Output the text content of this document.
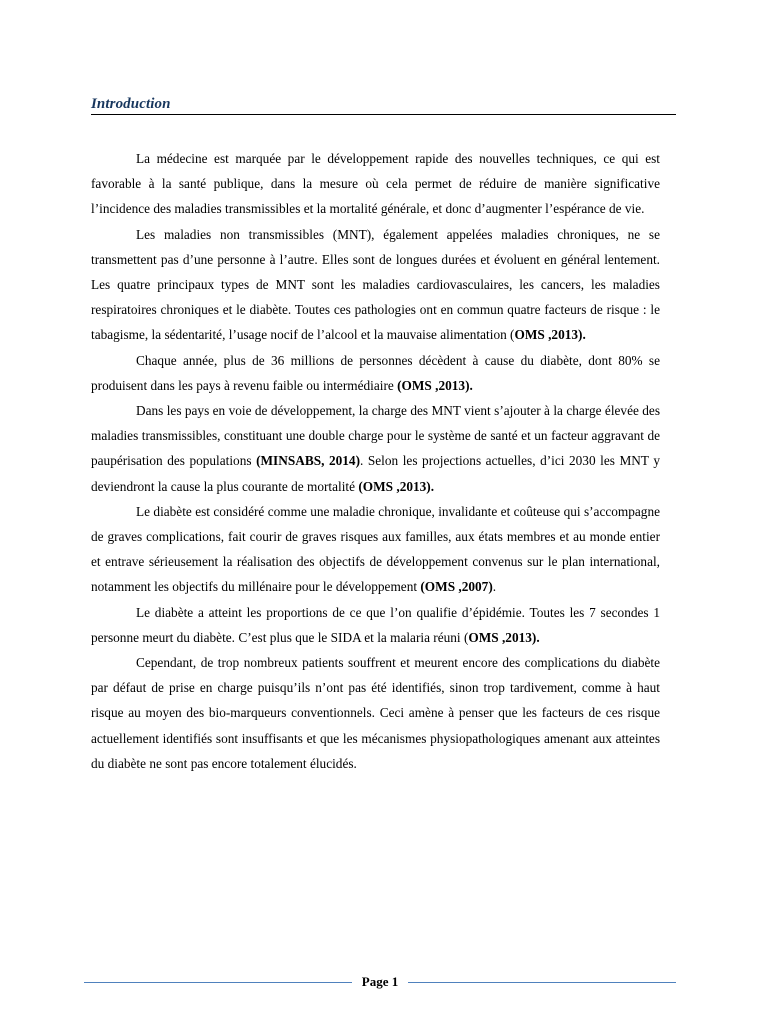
Introduction

La médecine est marquée par le développement rapide des nouvelles techniques, ce qui est favorable à la santé publique, dans la mesure où cela permet de réduire de manière significative l’incidence des maladies transmissibles et la mortalité générale, et donc d’augmenter l’espérance de vie.

Les maladies non transmissibles (MNT), également appelées maladies chroniques, ne se transmettent pas d’une personne à l’autre. Elles sont de longues durées et évoluent en général lentement. Les quatre principaux types de MNT sont les maladies cardiovasculaires, les cancers, les maladies respiratoires chroniques et le diabète. Toutes ces pathologies ont en commun quatre facteurs de risque : le tabagisme, la sédentarité, l’usage nocif de l’alcool et la mauvaise alimentation (OMS ,2013).

Chaque année, plus de 36 millions de personnes décèdent à cause du diabète, dont 80% se produisent dans les pays à revenu faible ou intermédiaire (OMS ,2013).

Dans les pays en voie de développement, la charge des MNT vient s’ajouter à la charge élevée des maladies transmissibles, constituant une double charge pour le système de santé et un facteur aggravant de paupérisation des populations (MINSABS, 2014). Selon les projections actuelles, d’ici 2030 les MNT y deviendront la cause la plus courante de mortalité (OMS ,2013).

Le diabète est considéré comme une maladie chronique, invalidante et coûteuse qui s’accompagne de graves complications, fait courir de graves risques aux familles, aux états membres et au monde entier et entrave sérieusement la réalisation des objectifs de développement convenus sur le plan international, notamment les objectifs du millénaire pour le développement (OMS ,2007).

Le diabète a atteint les proportions de ce que l’on qualifie d’épidémie. Toutes les 7 secondes 1 personne meurt du diabète. C’est plus que le SIDA et la malaria réuni (OMS ,2013).

Cependant, de trop nombreux patients souffrent et meurent encore des complications du diabète par défaut de prise en charge puisqu’ils n’ont pas été identifiés, sinon trop tardivement, comme à haut risque au moyen des bio-marqueurs conventionnels. Ceci amène à penser que les facteurs de ces risque actuellement identifiés sont insuffisants et que les mécanismes physiopathologiques amenant aux atteintes du diabète ne sont pas encore totalement élucidés.

Page 1
